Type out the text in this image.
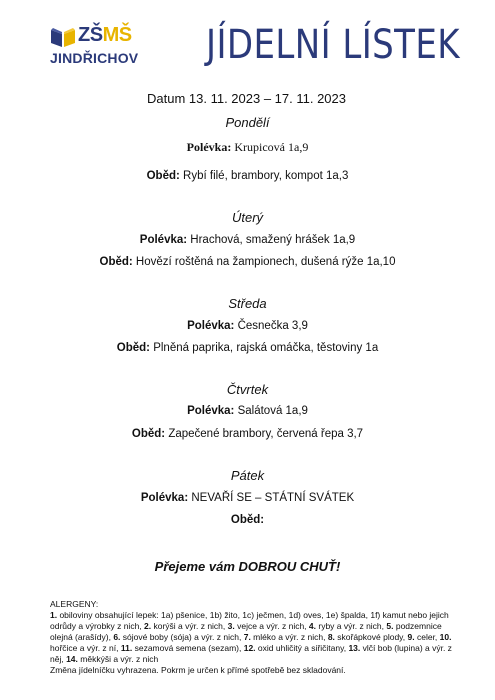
ZŠMŠ
JINDŘICHOV JÍDELNÍ LÍSTEK
Datum 13. 11. 2023 – 17. 11. 2023
Pondělí
Polévka: Krupicová 1a,9
Oběd: Rybí filé, brambory, kompot 1a,3
Úterý
Polévka: Hrachová, smažený hrášek 1a,9
Oběd: Hovězí roštěná na žampionech, dušená rýže 1a,10
Středa
Polévka: Česnečka 3,9
Oběd: Plněná paprika, rajská omáčka, těstoviny 1a
Čtvrtek
Polévka: Salátová 1a,9
Oběd: Zapečené brambory, červená řepa 3,7
Pátek
Polévka: NEVAŘÍ SE – STÁTNÍ SVÁTEK
Oběd:
Přejeme vám DOBROU CHUŤ!

ALERGENY:

1. obiloviny obsahující lepek: 1a) pšenice, 1b) žito, 1c) ječmen, 1d) oves, 1e) špalda, 1f) kamut nebo jejich odrůdy a výrobky z nich, 2. korýši a výr. z nich, 3. vejce a výr. z nich, 4. ryby a výr. z nich, 5. podzemnice olejná (arašídy), 6. sójové boby (sója) a výr. z nich, 7. mléko a výr. z nich, 8. skořápkové plody, 9. celer, 10. hořčice a výr. z ní, 11. sezamová semena (sezam), 12. oxid uhličitý a siřičitany, 13. vlčí bob (lupina) a výr. z něj, 14. měkkýši a výr. z nich

Změna jídelníčku vyhrazena. Pokrm je určen k přímé spotřebě bez skladování.
